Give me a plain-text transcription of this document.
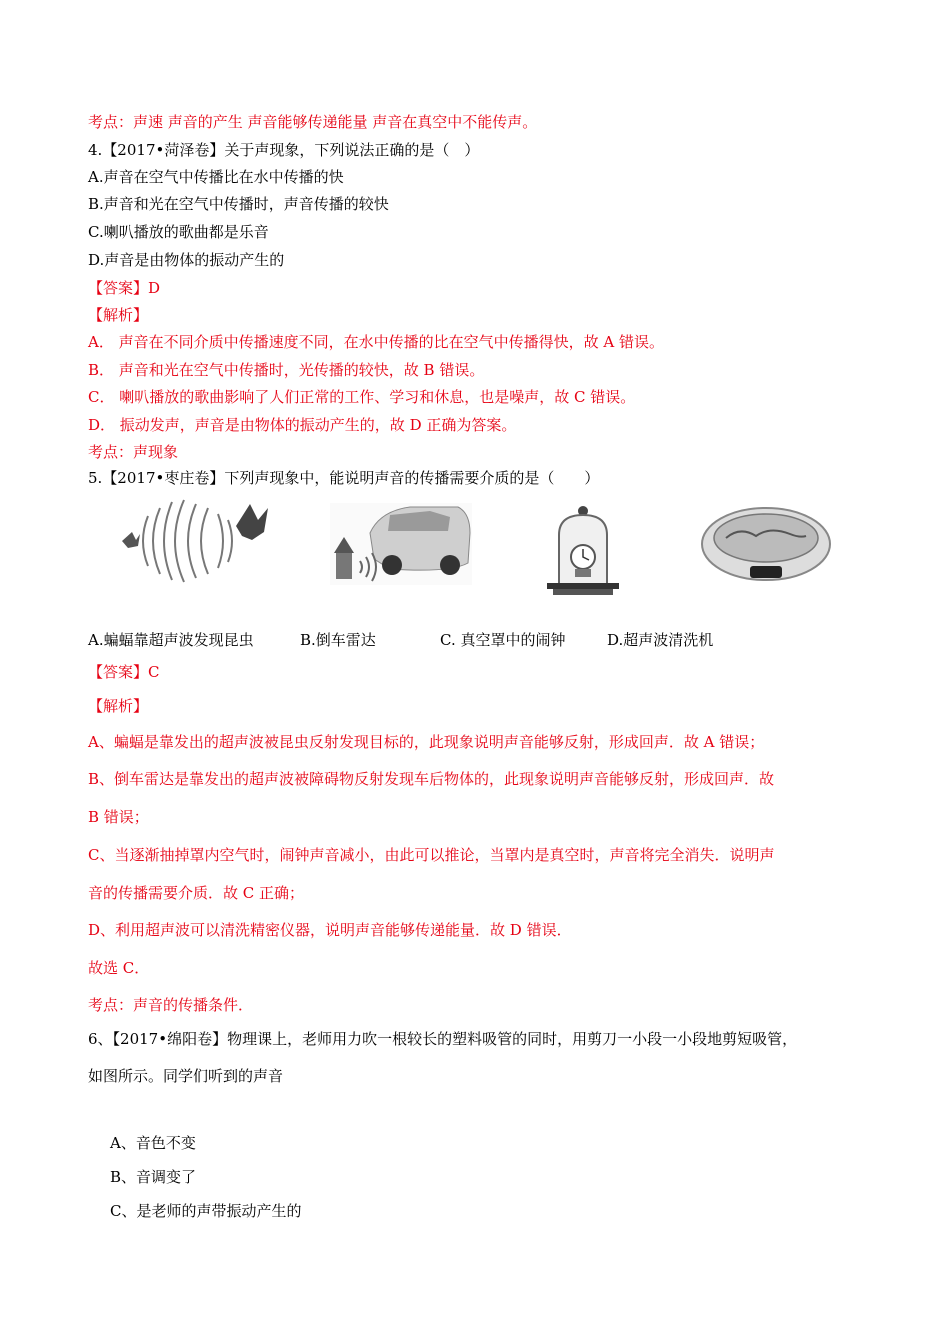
考点：声速 声音的产生 声音能够传递能量 声音在真空中不能传声。
4.【2017•菏泽卷】关于声现象，下列说法正确的是（　）
A.声音在空气中传播比在水中传播的快
B.声音和光在空气中传播时，声音传播的较快
C.喇叭播放的歌曲都是乐音
D.声音是由物体的振动产生的
【答案】D
【解析】
A． 声音在不同介质中传播速度不同，在水中传播的比在空气中传播得快，故 A 错误。
B． 声音和光在空气中传播时，光传播的较快，故 B 错误。
C． 喇叭播放的歌曲影响了人们正常的工作、学习和休息，也是噪声，故 C 错误。
D． 振动发声，声音是由物体的振动产生的，故 D 正确为答案。
考点：声现象
5.【2017•枣庄卷】下列声现象中，能说明声音的传播需要介质的是（　　）
A.蝙蝠靠超声波发现昆虫	B.倒车雷达	C. 真空罩中的闹钟	D.超声波清洗机
【答案】C
【解析】
A、蝙蝠是靠发出的超声波被昆虫反射发现目标的，此现象说明声音能够反射，形成回声．故 A 错误；
B、倒车雷达是靠发出的超声波被障碍物反射发现车后物体的，此现象说明声音能够反射，形成回声．故
B 错误；
C、当逐渐抽掉罩内空气时，闹钟声音减小，由此可以推论，当罩内是真空时，声音将完全消失．说明声
音的传播需要介质．故 C 正确；
D、利用超声波可以清洗精密仪器，说明声音能够传递能量．故 D 错误．
故选 C．
考点：声音的传播条件．
6、【2017•绵阳卷】物理课上，老师用力吹一根较长的塑料吸管的同时，用剪刀一小段一小段地剪短吸管，
如图所示。同学们听到的声音
A、音色不变
B、音调变了
C、是老师的声带振动产生的
